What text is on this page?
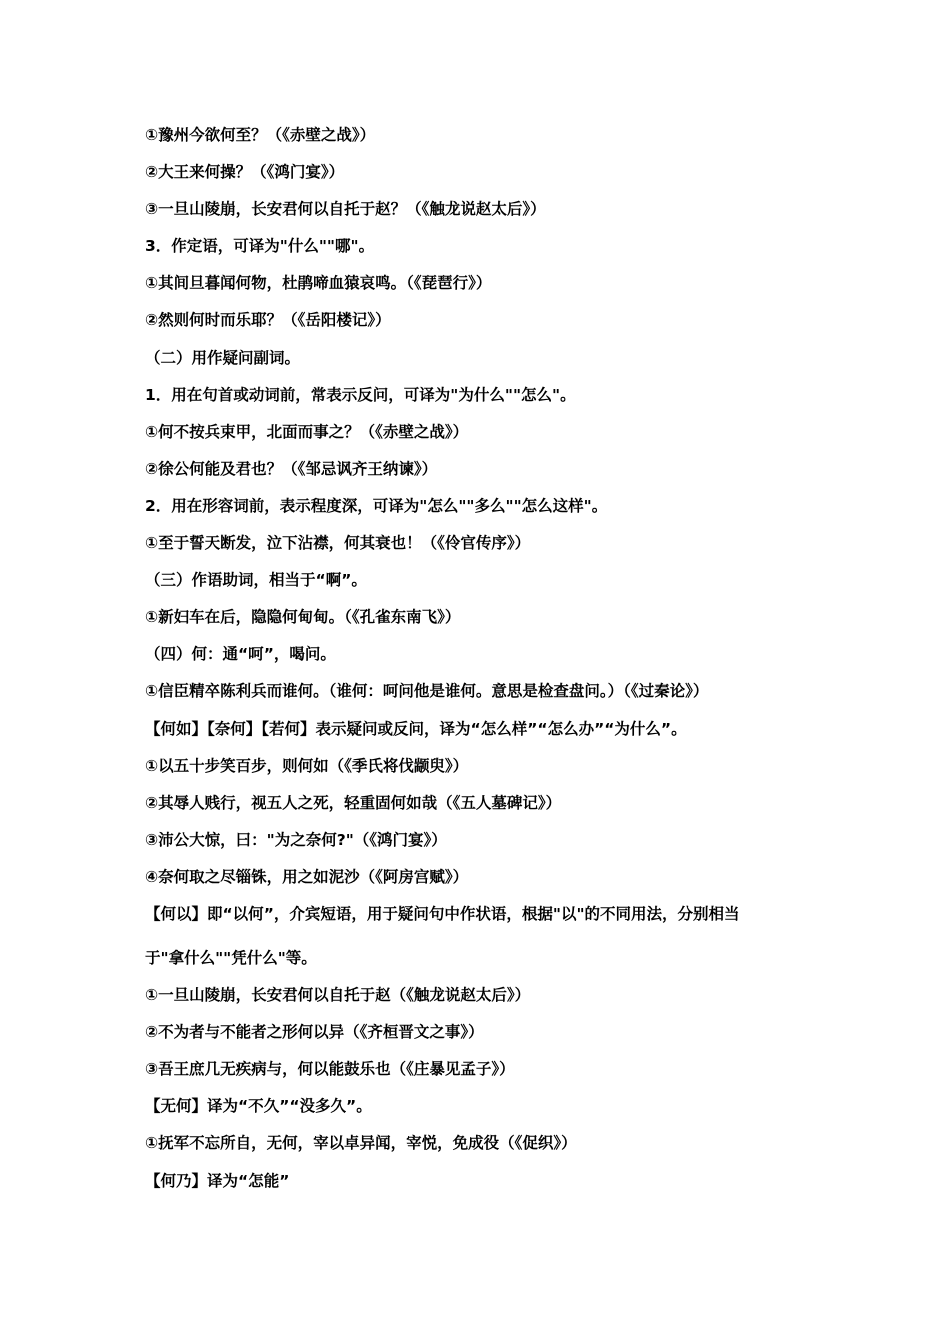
①豫州今欲何至？（《赤壁之战》）
②大王来何操？（《鸿门宴》）
③一旦山陵崩，长安君何以自托于赵？（《触龙说赵太后》）
3．作定语，可译为"什么""哪"。
①其间旦暮闻何物，杜鹃啼血猿哀鸣。（《琵琶行》）
②然则何时而乐耶？（《岳阳楼记》）
（二）用作疑问副词。
1．用在句首或动词前，常表示反问，可译为"为什么""怎么"。
①何不按兵束甲，北面而事之？（《赤壁之战》）
②徐公何能及君也？（《邹忌讽齐王纳谏》）
2．用在形容词前，表示程度深，可译为"怎么""多么""怎么这样"。
①至于誓天断发，泣下沾襟，何其衰也！（《伶官传序》）
（三）作语助词，相当于“啊”。
①新妇车在后，隐隐何甸甸。（《孔雀东南飞》）
（四）何：通“呵”，喝问。
①信臣精卒陈利兵而谁何。（谁何：呵问他是谁何。意思是检查盘问。）（《过秦论》）
【何如】【奈何】【若何】表示疑问或反问，译为“怎么样”“怎么办”“为什么”。
①以五十步笑百步，则何如（《季氏将伐颛臾》）
②其辱人贱行，视五人之死，轻重固何如哉（《五人墓碑记》）
③沛公大惊，曰："为之奈何?"（《鸿门宴》）
④奈何取之尽锱铢，用之如泥沙（《阿房宫赋》）
【何以】即“以何”，介宾短语，用于疑问句中作状语，根据"以"的不同用法，分别相当
于"拿什么""凭什么"等。
①一旦山陵崩，长安君何以自托于赵（《触龙说赵太后》）
②不为者与不能者之形何以异（《齐桓晋文之事》）
③吾王庶几无疾病与，何以能鼓乐也（《庄暴见孟子》）
【无何】译为“不久”“没多久”。
①抚军不忘所自，无何，宰以卓异闻，宰悦，免成役（《促织》）
【何乃】译为“怎能”
